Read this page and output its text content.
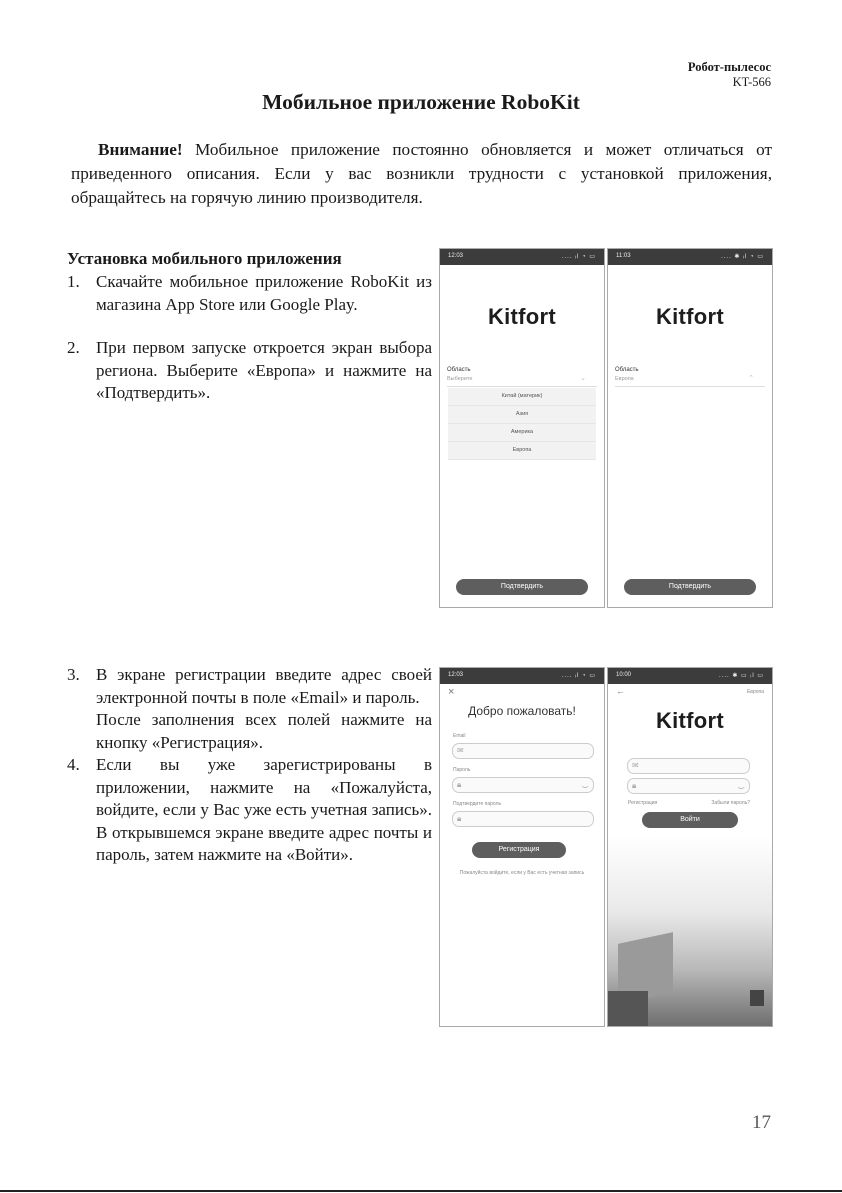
Робот-пылесос
KT-566
Мобильное приложение RoboKit
Внимание! Мобильное приложение постоянно обновляется и может отличаться от приведенного описания. Если у вас возникли трудности с установкой приложения, обращайтесь на горячую линию производителя.
Установка мобильного приложения
1. Скачайте мобильное приложение RoboKit из магазина App Store или Google Play.
2. При первом запуске откроется экран выбора региона. Выберите «Европа» и нажмите на «Подтвердить».
3. В экране регистрации введите адрес своей электронной почты в поле «Email» и пароль.
После заполнения всех полей нажмите на кнопку «Регистрация».
4. Если вы уже зарегистрированы в приложении, нажмите на «Пожалуйста, войдите, если у Вас уже есть учетная запись». В открывшемся экране введите адрес почты и пароль, затем нажмите на «Войти».
12:03	.... ᵢl ◔ ▭
Kitfort
Область
Выберите	⌄
Китай (материк)
Азия
Америка
Европа
Подтвердить
11:03	.... ✱ ᵢl ◔ ▭
Kitfort
Область
Европа	⌃
Подтвердить
12:03	.... ᵢl ◔ ▭
×
Добро пожаловать!
Email
✉
Пароль
🔒︎	‿
Подтвердите пароль
🔒︎
Регистрация
Пожалуйста войдите, если у Вас есть учетная запись
10:00	.... ✱ ▭ ᵢl ▭
←	Европа
Kitfort
✉
🔒︎	‿
Регистрация	Забыли пароль?
Войти
17
